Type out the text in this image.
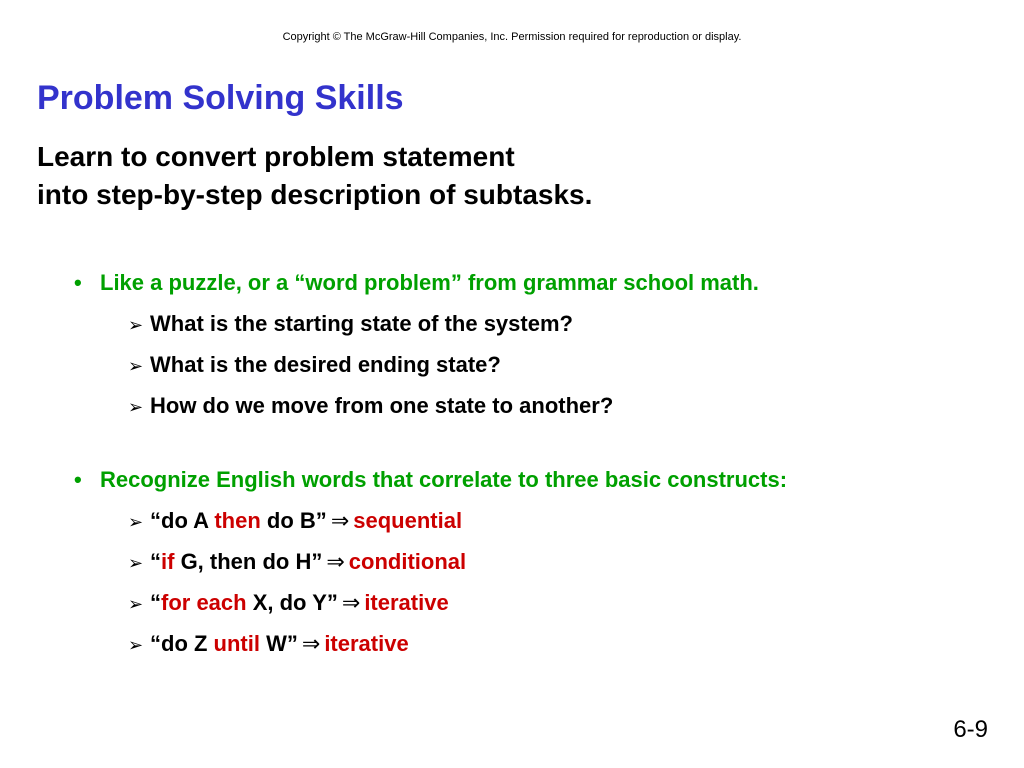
Copyright © The McGraw-Hill Companies, Inc. Permission required for reproduction or display.
Problem Solving Skills
Learn to convert problem statement
into step-by-step description of subtasks.
• Like a puzzle, or a “word problem” from grammar school math.
➢ What is the starting state of the system?
➢ What is the desired ending state?
➢ How do we move from one state to another?
• Recognize English words that correlate to three basic constructs:
➢ “do A then do B” ⇒ sequential
➢ “if G, then do H” ⇒ conditional
➢ “for each X, do Y” ⇒ iterative
➢ “do Z until W” ⇒ iterative
6-9
